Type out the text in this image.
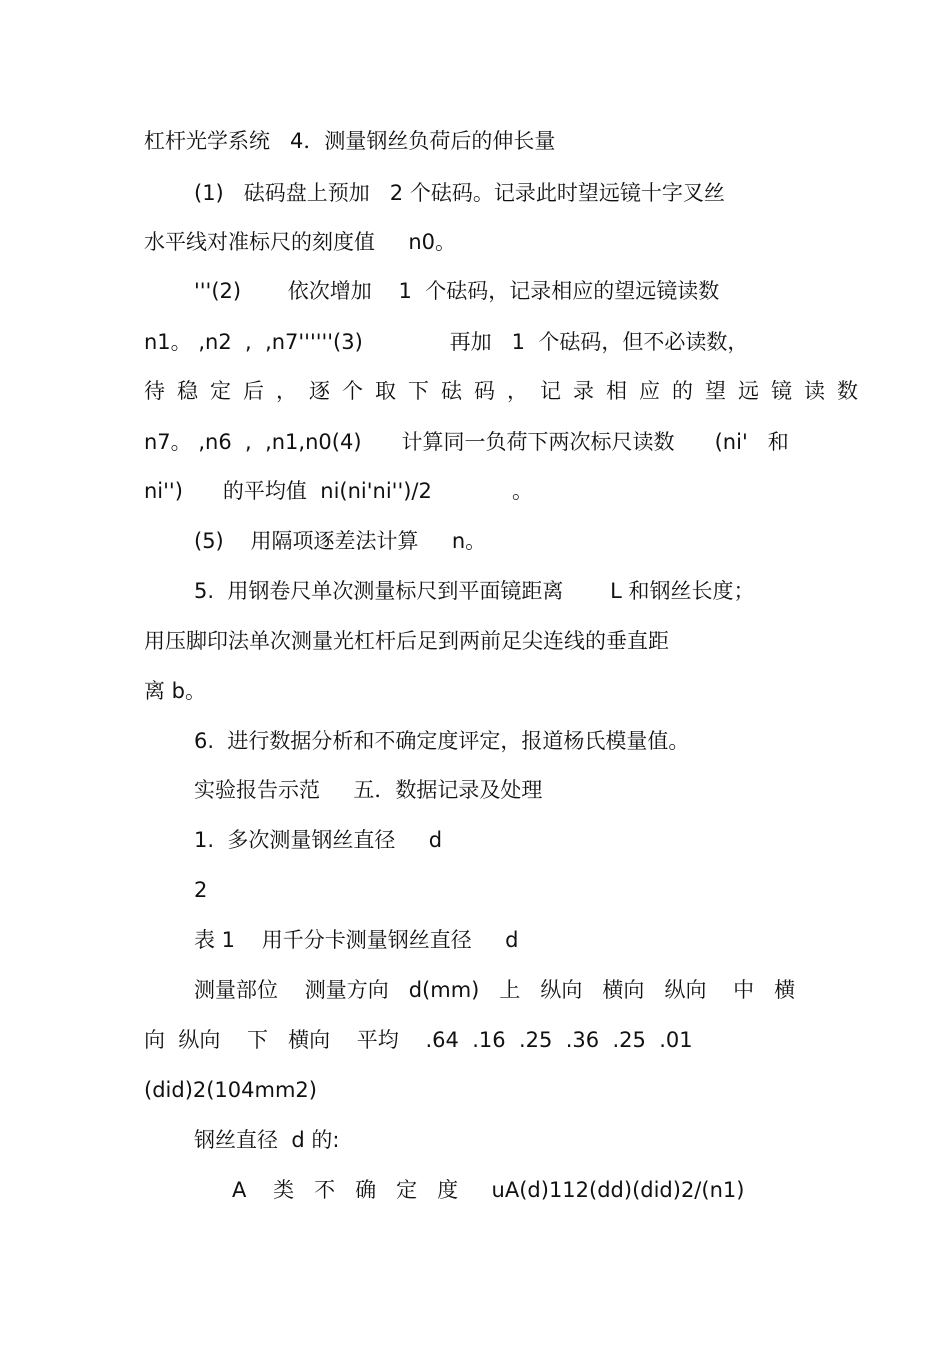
杠杆光学系统   4．测量钢丝负荷后的伸长量
(1)   砝码盘上预加   2 个砝码。记录此时望远镜十字叉丝
水平线对准标尺的刻度值     n0。
'''(2)       依次增加    1  个砝码，记录相应的望远镜读数
n1。 ,n2  ,  ,n7''''''(3)             再加   1  个砝码，但不必读数，
待稳定后，逐个取下砝码，记录相应的望远镜读数
n7。 ,n6  ,  ,n1,n0(4)      计算同一负荷下两次标尺读数      (ni'   和
ni'')      的平均值  ni(ni'ni'')/2            。
(5)    用隔项逐差法计算     n。
5.  用钢卷尺单次测量标尺到平面镜距离       L 和钢丝长度；
用压脚印法单次测量光杠杆后足到两前足尖连线的垂直距
离 b。
6.  进行数据分析和不确定度评定，报道杨氏模量值。
实验报告示范     五．数据记录及处理
1.  多次测量钢丝直径     d
2
表 1    用千分卡测量钢丝直径     d
测量部位    测量方向   d(mm)   上   纵向   横向   纵向    中   横
向  纵向    下   横向    平均    .64  .16  .25  .36  .25  .01
(did)2(104mm2)
钢丝直径  d 的:
A    类   不   确   定   度     uA(d)112(dd)(did)2/(n1)
